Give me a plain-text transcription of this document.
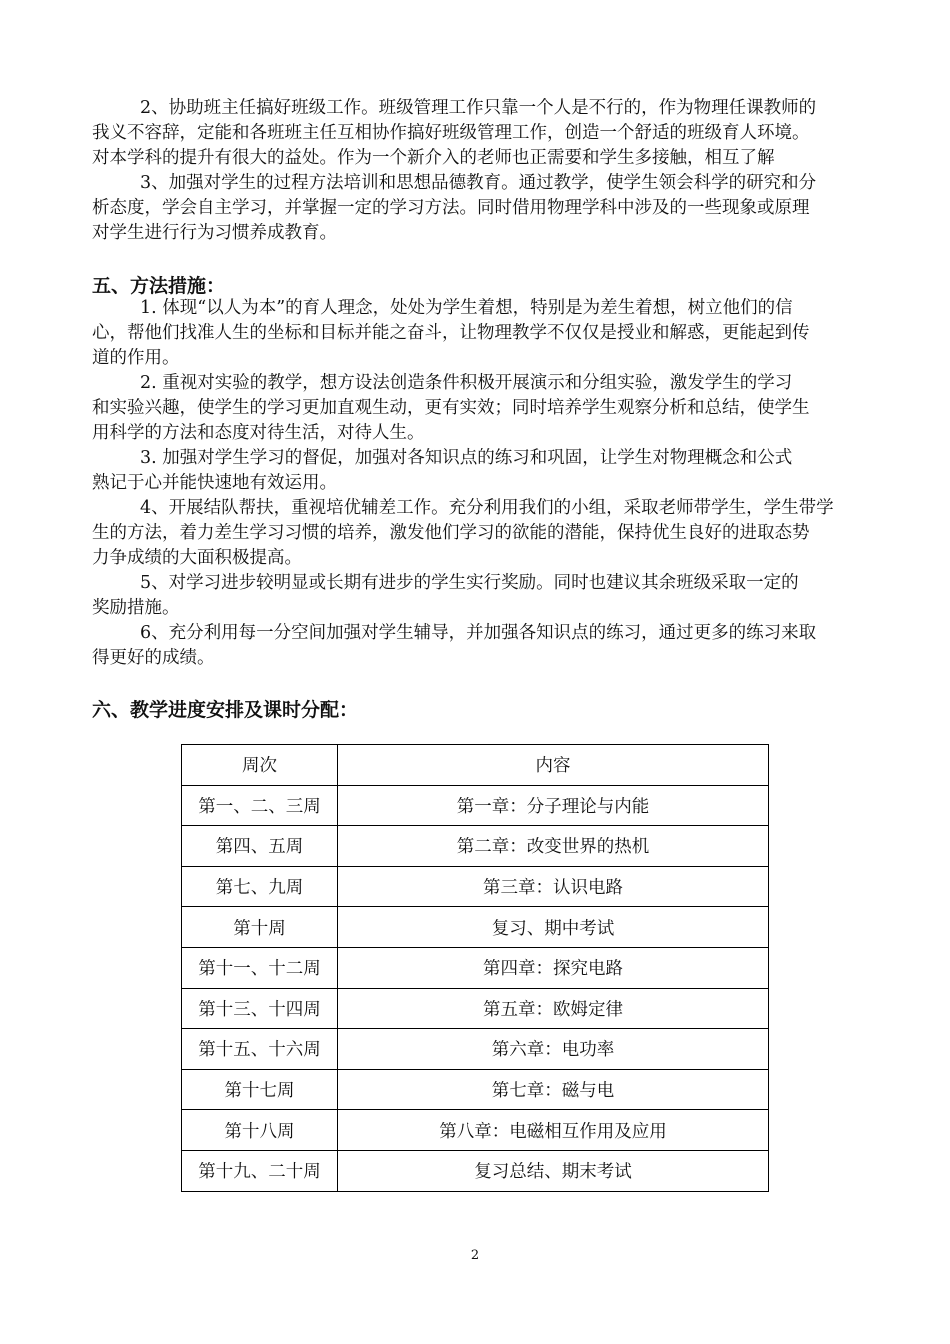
2、协助班主任搞好班级工作。班级管理工作只靠一个人是不行的，作为物理任课教师的
我义不容辞，定能和各班班主任互相协作搞好班级管理工作，创造一个舒适的班级育人环境。
对本学科的提升有很大的益处。作为一个新介入的老师也正需要和学生多接触，相互了解

3、加强对学生的过程方法培训和思想品德教育。通过教学，使学生领会科学的研究和分
析态度，学会自主学习，并掌握一定的学习方法。同时借用物理学科中涉及的一些现象或原理
对学生进行行为习惯养成教育。

五、方法措施：

1. 体现“以人为本”的育人理念，处处为学生着想，特别是为差生着想，树立他们的信
心，帮他们找准人生的坐标和目标并能之奋斗，让物理教学不仅仅是授业和解惑，更能起到传
道的作用。

2. 重视对实验的教学，想方设法创造条件积极开展演示和分组实验，激发学生的学习
和实验兴趣，使学生的学习更加直观生动，更有实效；同时培养学生观察分析和总结，使学生
用科学的方法和态度对待生活，对待人生。

3. 加强对学生学习的督促，加强对各知识点的练习和巩固，让学生对物理概念和公式
熟记于心并能快速地有效运用。

4、开展结队帮扶，重视培优辅差工作。充分利用我们的小组，采取老师带学生，学生带学
生的方法，着力差生学习习惯的培养，激发他们学习的欲能的潜能，保持优生良好的进取态势
力争成绩的大面积极提高。

5、对学习进步较明显或长期有进步的学生实行奖励。同时也建议其余班级采取一定的
奖励措施。

6、充分利用每一分空间加强对学生辅导，并加强各知识点的练习，通过更多的练习来取
得更好的成绩。

六、教学进度安排及课时分配：
周次	内容
第一、二、三周	第一章：分子理论与内能
第四、五周	第二章：改变世界的热机
第七、九周	第三章：认识电路
第十周	复习、期中考试
第十一、十二周	第四章：探究电路
第十三、十四周	第五章：欧姆定律
第十五、十六周	第六章：电功率
第十七周	第七章：磁与电
第十八周	第八章：电磁相互作用及应用
第十九、二十周	复习总结、期末考试
2
